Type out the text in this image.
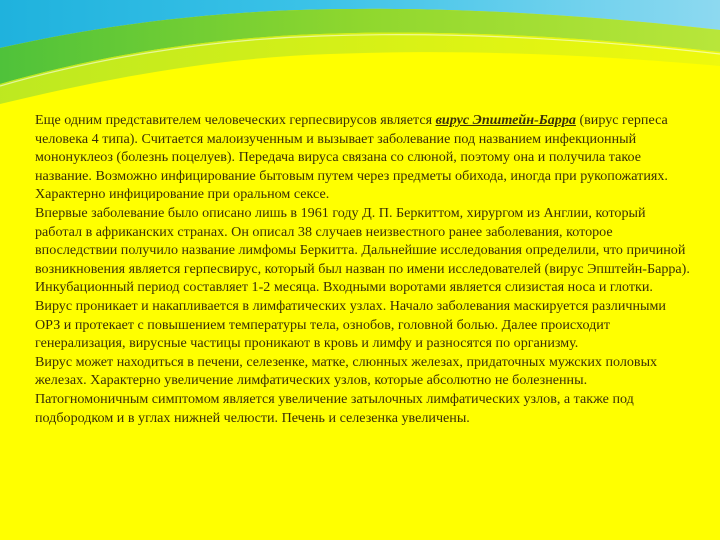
Еще одним представителем человеческих герпесвирусов является вирус Эпштейн-Барра (вирус герпеса человека 4 типа). Считается малоизученным и вызывает заболевание под названием инфекционный мононуклеоз (болезнь поцелуев). Передача вируса связана со слюной, поэтому она и получила такое название. Возможно инфицирование бытовым путем через предметы обихода, иногда при рукопожатиях. Характерно инфицирование при оральном сексе.

Впервые заболевание было описано лишь в 1961 году Д. П. Беркиттом, хирургом из Англии, который работал в африканских странах. Он описал 38 случаев неизвестного ранее заболевания, которое впоследствии получило название лимфомы Беркитта. Дальнейшие исследования определили, что причиной возникновения является герпесвирус, который был назван по имени исследователей (вирус Эпштейн-Барра).

Инкубационный период составляет 1-2 месяца. Входными воротами является слизистая носа и глотки. Вирус проникает и накапливается в лимфатических узлах. Начало заболевания маскируется различными ОРЗ и протекает с повышением температуры тела, ознобов, головной болью. Далее происходит генерализация, вирусные частицы проникают в кровь и лимфу и разносятся по организму.

Вирус может находиться в печени, селезенке, матке, слюнных железах, придаточных мужских половых железах. Характерно увеличение лимфатических узлов, которые абсолютно не болезненны. Патогномоничным симптомом является увеличение затылочных лимфатических узлов, а также под подбородком и в углах нижней челюсти. Печень и селезенка увеличены.
